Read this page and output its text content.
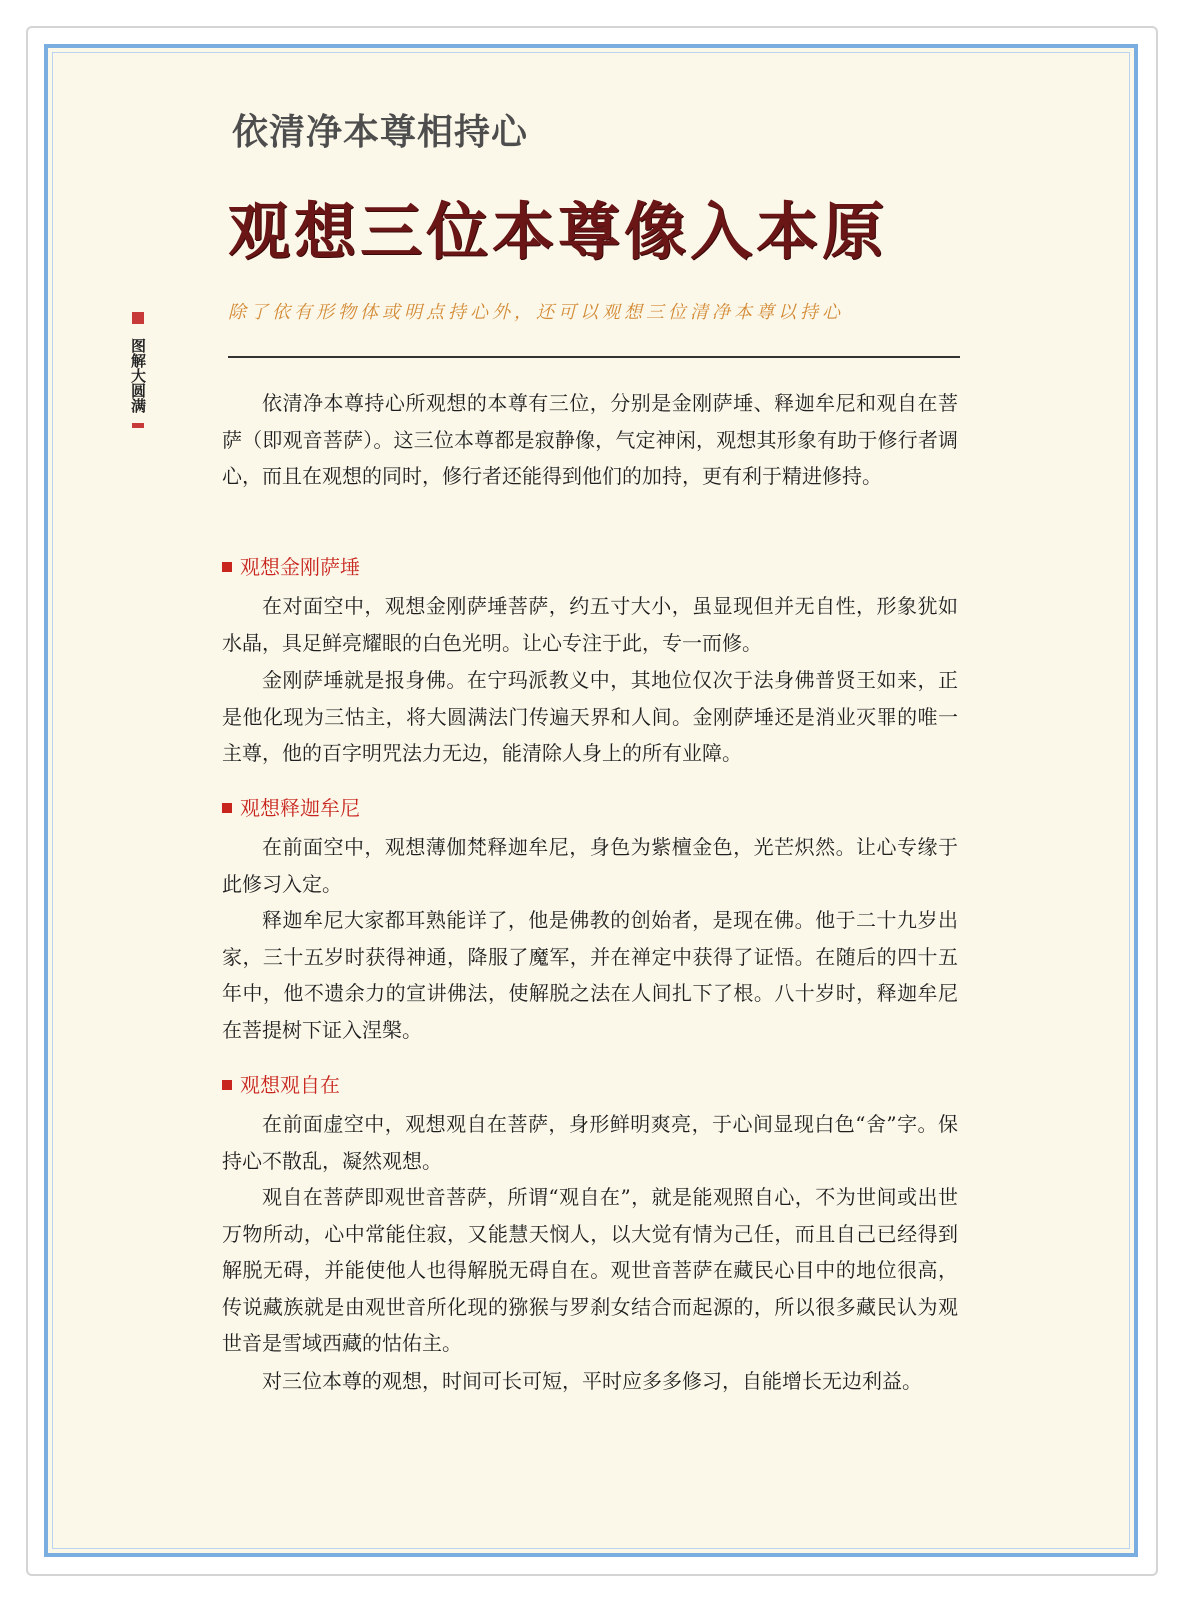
依清净本尊相持心
观想三位本尊像入本原
除了依有形物体或明点持心外，还可以观想三位清净本尊以持心
图解大圆满	依清净本尊持心所观想的本尊有三位，分别是金刚萨埵、释迦牟尼和观自在菩萨（即观音菩萨）。这三位本尊都是寂静像，气定神闲，观想其形象有助于修行者调心，而且在观想的同时，修行者还能得到他们的加持，更有利于精进修持。

观想金刚萨埵

在对面空中，观想金刚萨埵菩萨，约五寸大小，虽显现但并无自性，形象犹如水晶，具足鲜亮耀眼的白色光明。让心专注于此，专一而修。

金刚萨埵就是报身佛。在宁玛派教义中，其地位仅次于法身佛普贤王如来，正是他化现为三怙主，将大圆满法门传遍天界和人间。金刚萨埵还是消业灭罪的唯一主尊，他的百字明咒法力无边，能清除人身上的所有业障。

观想释迦牟尼

在前面空中，观想薄伽梵释迦牟尼，身色为紫檀金色，光芒炽然。让心专缘于此修习入定。

释迦牟尼大家都耳熟能详了，他是佛教的创始者，是现在佛。他于二十九岁出家，三十五岁时获得神通，降服了魔军，并在禅定中获得了证悟。在随后的四十五年中，他不遗余力的宣讲佛法，使解脱之法在人间扎下了根。八十岁时，释迦牟尼在菩提树下证入涅槃。

观想观自在

在前面虚空中，观想观自在菩萨，身形鲜明爽亮，于心间显现白色“舍”字。保持心不散乱，凝然观想。

观自在菩萨即观世音菩萨，所谓“观自在”，就是能观照自心，不为世间或出世万物所动，心中常能住寂，又能慧天悯人，以大觉有情为己任，而且自己已经得到解脱无碍，并能使他人也得解脱无碍自在。观世音菩萨在藏民心目中的地位很高，传说藏族就是由观世音所化现的猕猴与罗刹女结合而起源的，所以很多藏民认为观世音是雪域西藏的怙佑主。

对三位本尊的观想，时间可长可短，平时应多多修习，自能增长无边利益。
